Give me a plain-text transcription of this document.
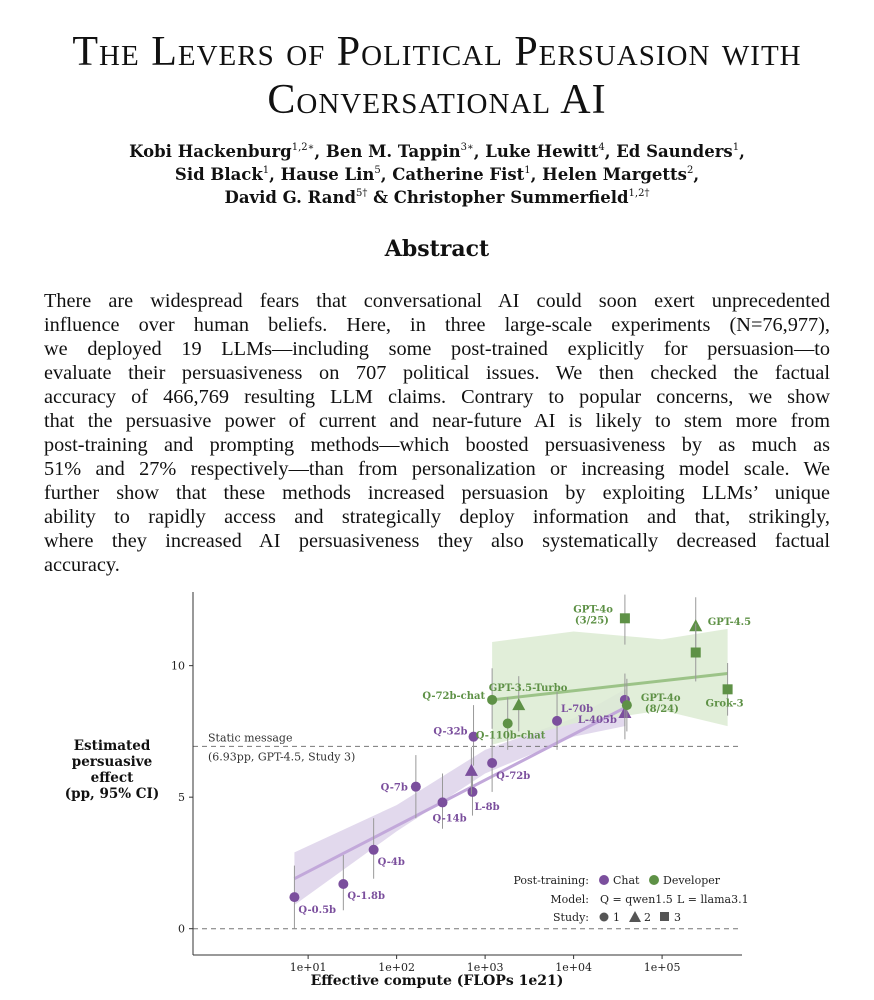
The Levers of Political Persuasion with
Conversational AI
Kobi Hackenburg$^{1,2∗}$, Ben M. Tappin$^{3∗}$, Luke Hewitt$^4$, Ed Saunders$^1$,
Sid Black$^1$, Hause Lin$^5$, Catherine Fist$^1$, Helen Margetts$^2$,
David G. Rand$^{5\dagger}$ & Christopher Summerfield$^{1,2\dagger}$
Abstract
There are widespread fears that conversational AI could soon exert unprecedented
influence over human beliefs. Here, in three large-scale experiments (N=76,977),
we deployed 19 LLMs—including some post-trained explicitly for persuasion—to
evaluate their persuasiveness on 707 political issues. We then checked the factual
accuracy of 466,769 resulting LLM claims. Contrary to popular concerns, we show
that the persuasive power of current and near-future AI is likely to stem more from
post-training and prompting methods—which boosted persuasiveness by as much as
51% and 27% respectively—than from personalization or increasing model scale. We
further show that these methods increased persuasion by exploiting LLMs’ unique
ability to rapidly access and strategically deploy information and that, strikingly,
where they increased AI persuasiveness they also systematically decreased factual
accuracy.
Estimated
persuasive
effect
(pp, 95% CI)
Effective compute (FLOPs 1e21)
Static message
(6.93pp, GPT-4.5, Study 3)
0
5
10
1e+01	1e+02	1e+03	1e+04	1e+05
Q-0.5b
Q-1.8b
Q-4b
Q-7b
Q-14b
L-8b
Q-32b
Q-72b
L-70b
L-405b
Q-72b-chat
GPT-3.5-Turbo
Q-110b-chat
GPT-4o (3/25)
GPT-4o (8/24)
GPT-4.5
Grok-3
Post-training: Chat Developer
Model: Q = qwen1.5 L = llama3.1
Study: 1 2 3
